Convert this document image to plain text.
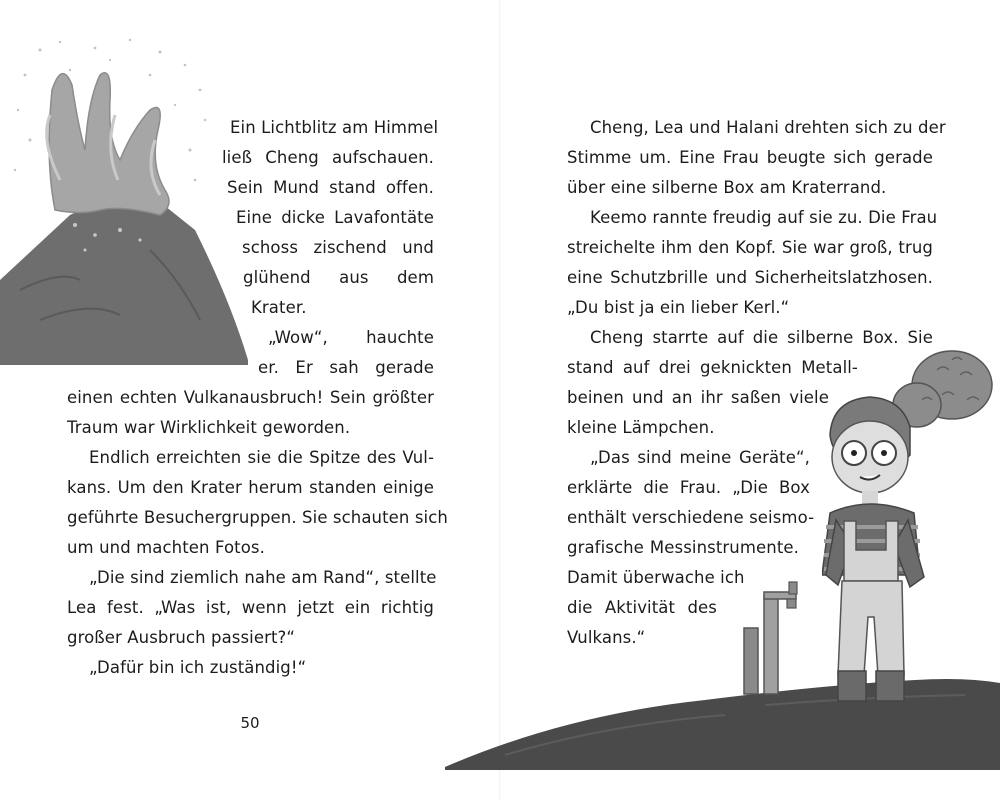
Ein Lichtblitz am Himmel
ließ Cheng aufschauen.
Sein Mund stand offen.
Eine dicke Lavafontäte
schoss zischend und
glühend aus dem
Krater.
„Wow“, hauchte
er. Er sah gerade
einen echten Vulkanausbruch! Sein größter
Traum war Wirklichkeit geworden.
Endlich erreichten sie die Spitze des Vul-
kans. Um den Krater herum standen einige
geführte Besuchergruppen. Sie schauten sich
um und machten Fotos.
„Die sind ziemlich nahe am Rand“, stellte
Lea fest. „Was ist, wenn jetzt ein richtig
großer Ausbruch passiert?“
„Dafür bin ich zuständig!“
50
Cheng, Lea und Halani drehten sich zu der
Stimme um. Eine Frau beugte sich gerade
über eine silberne Box am Kraterrand.
Keemo rannte freudig auf sie zu. Die Frau
streichelte ihm den Kopf. Sie war groß, trug
eine Schutzbrille und Sicherheitslatzhosen.
„Du bist ja ein lieber Kerl.“
Cheng starrte auf die silberne Box. Sie
stand auf drei geknickten Metall-
beinen und an ihr saßen viele
kleine Lämpchen.
„Das sind meine Geräte“,
erklärte die Frau. „Die Box
enthält verschiedene seismo-
grafische Messinstrumente.
Damit überwache ich
die Aktivität des
Vulkans.“
